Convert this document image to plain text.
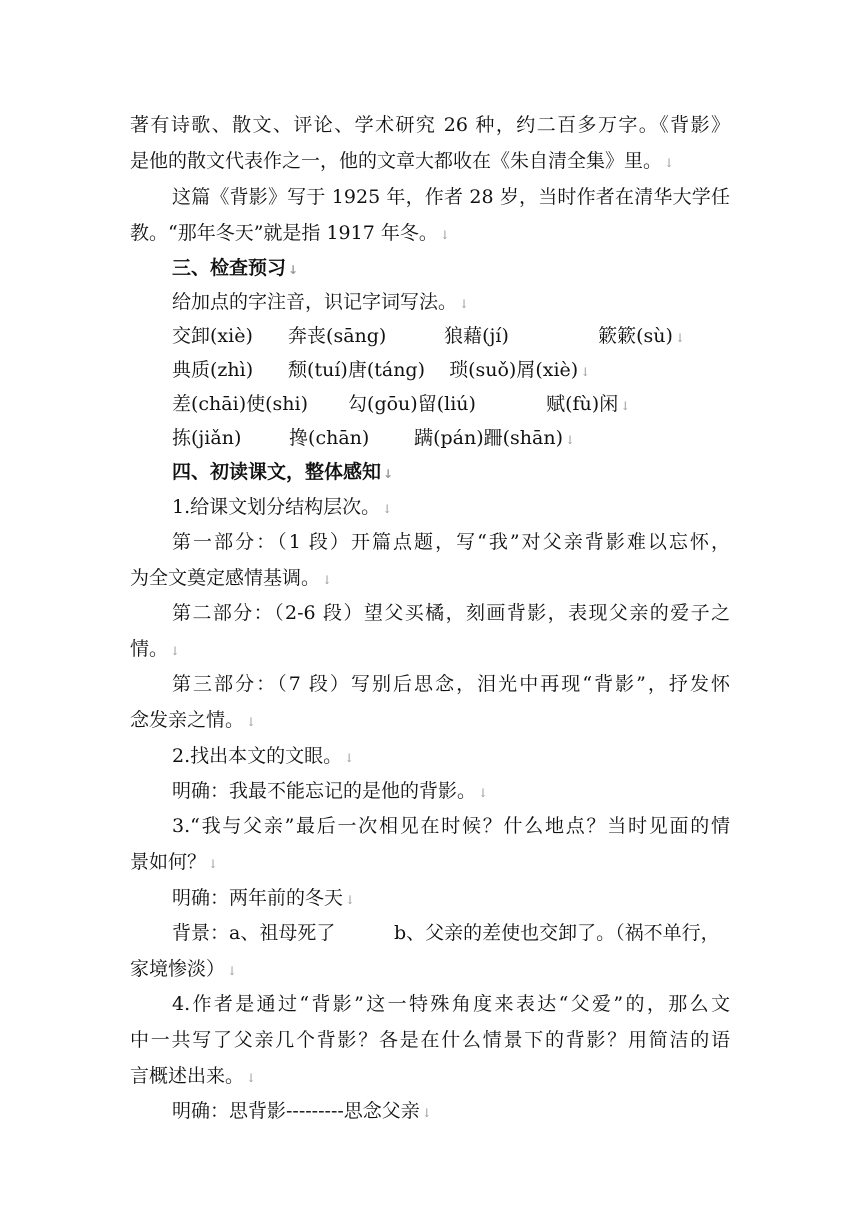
著有诗歌、散文、评论、学术研究 26 种，约二百多万字。《背影》
是他的散文代表作之一，他的文章大都收在《朱自清全集》里。 ↓
这篇《背影》写于 1925 年，作者 28 岁，当时作者在清华大学任
教。“那年冬天”就是指 1917 年冬。 ↓
三、检查预习 ↓
给加点的字注音，识记字词写法。 ↓
交卸(xiè) 奔丧(sāng)	狼藉(jí)	簌簌(sù) ↓
典质(zhì) 颓(tuí)唐(táng) 琐(suǒ)屑(xiè) ↓
差(chāi)使(shi) 勾(gōu)留(liú)	赋(fù)闲 ↓
拣(jiǎn)	搀(chān) 蹒(pán)跚(shān) ↓
四、初读课文，整体感知 ↓
1.给课文划分结构层次。 ↓
第一部分：（1 段）开篇点题，写“我”对父亲背影难以忘怀，
为全文奠定感情基调。 ↓
第二部分：（2-6 段）望父买橘，刻画背影，表现父亲的爱子之
情。 ↓
第三部分：（7 段）写别后思念，泪光中再现“背影”，抒发怀
念发亲之情。 ↓
2.找出本文的文眼。 ↓
明确：我最不能忘记的是他的背影。 ↓
3.“我与父亲”最后一次相见在时候？什么地点？当时见面的情
景如何？ ↓
明确：两年前的冬天 ↓
背景：a、祖母死了	b、父亲的差使也交卸了。（祸不单行，
家境惨淡） ↓
4.作者是通过“背影”这一特殊角度来表达“父爱”的，那么文
中一共写了父亲几个背影？各是在什么情景下的背影？用简洁的语
言概述出来。 ↓
明确：思背影---------思念父亲 ↓
